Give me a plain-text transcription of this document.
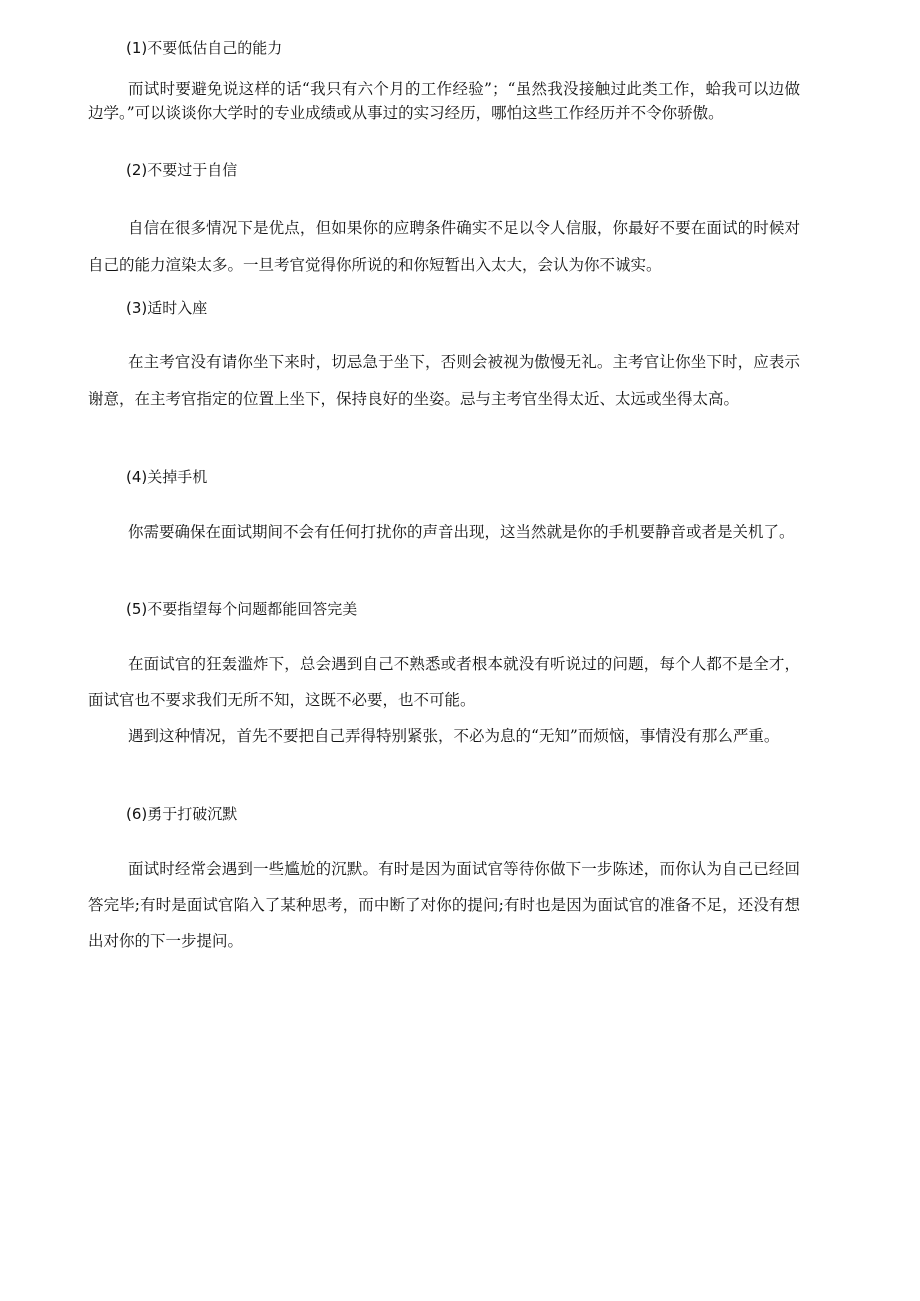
(1)不要低估自己的能力
而试时要避免说这样的话“我只有六个月的工作经验”；“虽然我没接触过此类工作，蛤我可以边做边学。”可以谈谈你大学时的专业成绩或从事过的实习经历，哪怕这些工作经历并不令你骄傲。
(2)不要过于自信
自信在很多情况下是优点，但如果你的应聘条件确实不足以令人信服，你最好不要在面试的时候对自己的能力渲染太多。一旦考官觉得你所说的和你短暂出入太大，会认为你不诚实。
(3)适时入座
在主考官没有请你坐下来时，切忌急于坐下，否则会被视为傲慢无礼。主考官让你坐下时，应表示谢意，在主考官指定的位置上坐下，保持良好的坐姿。忌与主考官坐得太近、太远或坐得太高。
(4)关掉手机
你需要确保在面试期间不会有任何打扰你的声音出现，这当然就是你的手机要静音或者是关机了。
(5)不要指望每个问题都能回答完美
在面试官的狂轰滥炸下，总会遇到自己不熟悉或者根本就没有听说过的问题，每个人都不是全才，面试官也不要求我们无所不知，这既不必要，也不可能。
遇到这种情况，首先不要把自己弄得特别紧张，不必为息的“无知”而烦恼，事情没有那么严重。
(6)勇于打破沉默
面试时经常会遇到一些尴尬的沉默。有时是因为面试官等待你做下一步陈述，而你认为自己已经回答完毕;有时是面试官陷入了某种思考，而中断了对你的提问;有时也是因为面试官的准备不足，还没有想出对你的下一步提问。
